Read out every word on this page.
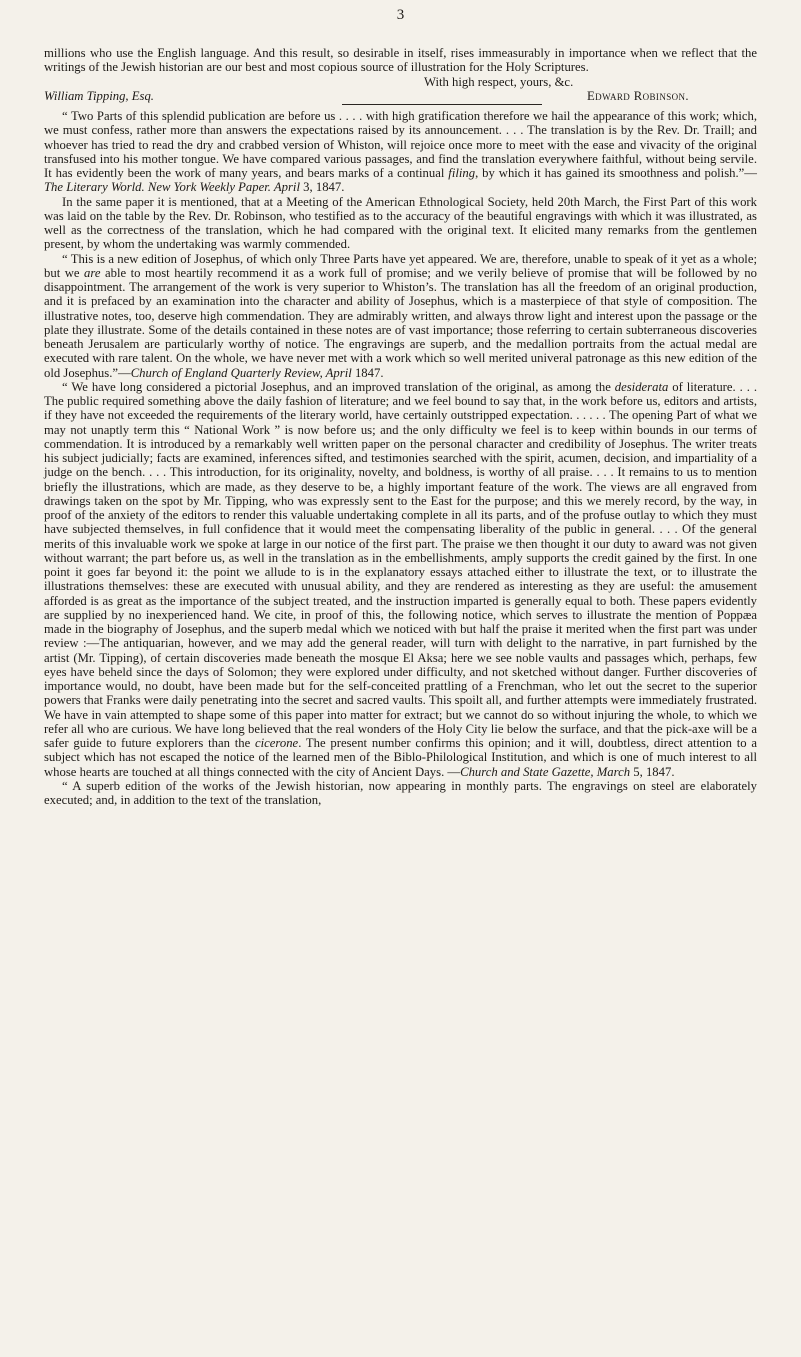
3

millions who use the English language. And this result, so desirable in itself, rises immeasurably in importance when we reflect that the writings of the Jewish historian are our best and most copious source of illustration for the Holy Scriptures.

With high respect, yours, &c.
William Tipping, Esq.	Edward Robinson.

“ Two Parts of this splendid publication are before us . . . . with high gratification therefore we hail the appearance of this work; which, we must confess, rather more than answers the expectations raised by its announcement. . . . The translation is by the Rev. Dr. Traill; and whoever has tried to read the dry and crabbed version of Whiston, will rejoice once more to meet with the ease and vivacity of the original transfused into his mother tongue. We have compared various passages, and find the translation everywhere faithful, without being servile. It has evidently been the work of many years, and bears marks of a continual filing, by which it has gained its smoothness and polish.”—The Literary World. New York Weekly Paper. April 3, 1847.

In the same paper it is mentioned, that at a Meeting of the American Ethnological Society, held 20th March, the First Part of this work was laid on the table by the Rev. Dr. Robinson, who testified as to the accuracy of the beautiful engravings with which it was illustrated, as well as the correctness of the translation, which he had compared with the original text. It elicited many remarks from the gentlemen present, by whom the undertaking was warmly commended.

“ This is a new edition of Josephus, of which only Three Parts have yet appeared. We are, therefore, unable to speak of it yet as a whole; but we are able to most heartily recommend it as a work full of promise; and we verily believe of promise that will be followed by no disappointment. The arrangement of the work is very superior to Whiston’s. The translation has all the freedom of an original production, and it is prefaced by an examination into the character and ability of Josephus, which is a masterpiece of that style of composition. The illustrative notes, too, deserve high commendation. They are admirably written, and always throw light and interest upon the passage or the plate they illustrate. Some of the details contained in these notes are of vast importance; those referring to certain subterraneous discoveries beneath Jerusalem are particularly worthy of notice. The engravings are superb, and the medallion portraits from the actual medal are executed with rare talent. On the whole, we have never met with a work which so well merited univeral patronage as this new edition of the old Josephus.”—Church of England Quarterly Review, April 1847.

“ We have long considered a pictorial Josephus, and an improved translation of the original, as among the desiderata of literature. . . . The public required something above the daily fashion of literature; and we feel bound to say that, in the work before us, editors and artists, if they have not exceeded the requirements of the literary world, have certainly outstripped expectation. . . . . . The opening Part of what we may not unaptly term this “ National Work ” is now before us; and the only difficulty we feel is to keep within bounds in our terms of commendation. It is introduced by a remarkably well written paper on the personal character and credibility of Josephus. The writer treats his subject judicially; facts are examined, inferences sifted, and testimonies searched with the spirit, acumen, decision, and impartiality of a judge on the bench. . . . This introduction, for its originality, novelty, and boldness, is worthy of all praise. . . . It remains to us to mention briefly the illustrations, which are made, as they deserve to be, a highly important feature of the work. The views are all engraved from drawings taken on the spot by Mr. Tipping, who was expressly sent to the East for the purpose; and this we merely record, by the way, in proof of the anxiety of the editors to render this valuable undertaking complete in all its parts, and of the profuse outlay to which they must have subjected themselves, in full confidence that it would meet the compensating liberality of the public in general. . . . Of the general merits of this invaluable work we spoke at large in our notice of the first part. The praise we then thought it our duty to award was not given without warrant; the part before us, as well in the translation as in the embellishments, amply supports the credit gained by the first. In one point it goes far beyond it: the point we allude to is in the explanatory essays attached either to illustrate the text, or to illustrate the illustrations themselves: these are executed with unusual ability, and they are rendered as interesting as they are useful: the amusement afforded is as great as the importance of the subject treated, and the instruction imparted is generally equal to both. These papers evidently are supplied by no inexperienced hand. We cite, in proof of this, the following notice, which serves to illustrate the mention of Poppæa made in the biography of Josephus, and the superb medal which we noticed with but half the praise it merited when the first part was under review :—The antiquarian, however, and we may add the general reader, will turn with delight to the narrative, in part furnished by the artist (Mr. Tipping), of certain discoveries made beneath the mosque El Aksa; here we see noble vaults and passages which, perhaps, few eyes have beheld since the days of Solomon; they were explored under difficulty, and not sketched without danger. Further discoveries of importance would, no doubt, have been made but for the self-conceited prattling of a Frenchman, who let out the secret to the superior powers that Franks were daily penetrating into the secret and sacred vaults. This spoilt all, and further attempts were immediately frustrated. We have in vain attempted to shape some of this paper into matter for extract; but we cannot do so without injuring the whole, to which we refer all who are curious. We have long believed that the real wonders of the Holy City lie below the surface, and that the pick-axe will be a safer guide to future explorers than the cicerone. The present number confirms this opinion; and it will, doubtless, direct attention to a subject which has not escaped the notice of the learned men of the Biblo-Philological Institution, and which is one of much interest to all whose hearts are touched at all things connected with the city of Ancient Days. —Church and State Gazette, March 5, 1847.

“ A superb edition of the works of the Jewish historian, now appearing in monthly parts. The engravings on steel are elaborately executed; and, in addition to the text of the translation,
